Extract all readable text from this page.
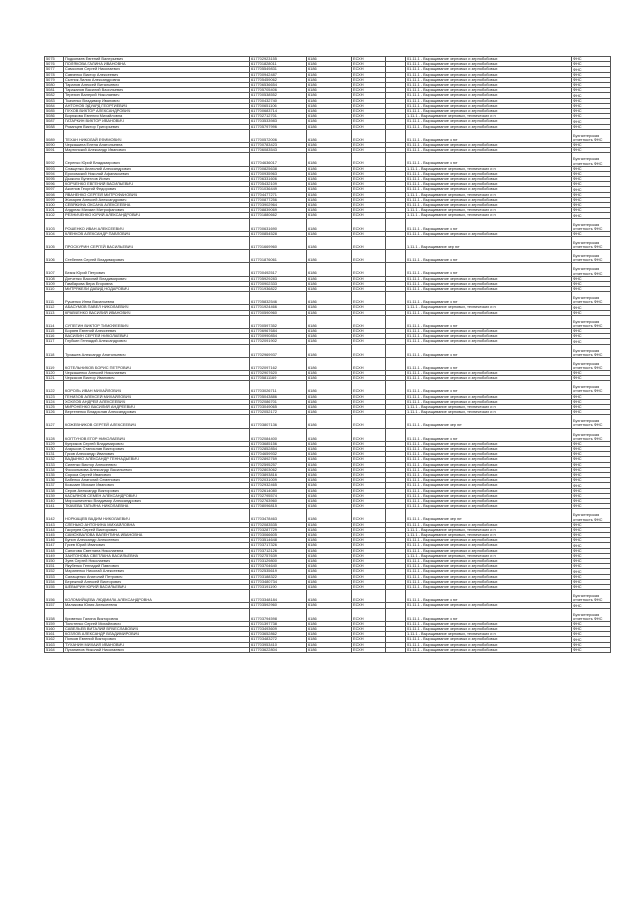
5075	Подкопаев Евгений Валерьевич	617702923155	6186	ЕСХН		01.11.1 - Выращивание зерновых и зернобобовых	ФНС
5076	ПОЛЯКОВА ГАЛИНА ИВАНОВНА	617701828011	6186	ЕСХН		01.11.1 - Выращивание зерновых и зернобобовых	ФНС
5077	Самсонов Сергей Николаевич	617705549831	6186	ЕСХН		01.11.1 - Выращивание зерновых и зернобобовых	ФНС
5078	Савченко Виктор Алексеевич	617700942487	6186	ЕСХН		01.11.1 - Выращивание зерновых и зернобобовых	ФНС
5079	Сытник Лилия Александровна	617705459062	6186	ЕСХН		01.11.1 - Выращивание зерновых и зернобобовых	ФНС
5080	Таранов Алексей Витальевич	617706536654	6186	ЕСХН		01.11.1 - Выращивание зерновых и зернобобовых	ФНС
5081	Тараканов Василий Васильевич	617705705406	6186	ЕСХН		01.11.1 - Выращивание зерновых и зернобобовых	ФНС
5082	Терехин Валерий Николаевич	617700538552	6186	ЕСХН		01.11.1 - Выращивание зерновых и зернобобовых	ФНС
5083	Ткаченко Владимир Иванович	617700432740	6186	ЕСХН		01.11.1 - Выращивание зерновых и зернобобовых	ФНС
5084	АНТОНОВ ЭДУАРД ГЕОРГИЕВИЧ	617700651106	6186	ЕСХН		01.11.1 - Выращивание зерновых и зернобобовых	ФНС
5085	ПУХОВ ВИКТОР АЛЕКСАНДРОВИЧ	617700683714	6186	ЕСХН		01.11.1 - Выращивание зерновых и зернобобовых	ФНС
5086	Бирюкова Евгения Михайловна	617702712701	6186	ЕСХН		1.11.1 - Выращивание зерновых, технических и п	ФНС
5087	ГАТАРКИН ВИКТОР ИВАНОВИЧ	617703533983	6186	ЕСХН		01.11.1 - Выращивание зерновых и зернобобовых	ФНС
5088	Рязанцев Виктор Григорьевич	617705797996	6186	ЕСХН		01.11.1 - Выращивание зерновых и зернобобовых	ФНС
5089	ТЕХАН НИКОЛАЙ ЕФИМОВИЧ	617700572006	6186	ЕСХН		01.11.1 - Выращивание з ют	Бухгалтерская отчетность ФНС
5090	Черкашина Елена Анатольевна	617700783423	6186	ЕСХН		01.11.1 - Выращивание зерновых и зернобобовых	ФНС
5091	Мартинский Александр Иванович	617706083543	6186	ЕСХН		01.11.1 - Выращивание зерновых и зернобобовых	ФНС
5092	Серенко Юрий Владимирович	617704636017	6186	ЕСХН		01.11.1 - Выращивание з ют	Бухгалтерская отчетность ФНС
5093	Слащенко Анатолий Александрович	617700825638	6186	ЕСХН		1.11.1 - Выращивание зерновых, технических и п	ФНС
5094	Ерохомский Николай Афанасьевич	617700935963	6186	ЕСХН		01.11.1 - Выращивание зерновых и зернобобовых	ФНС
5095	Дьяконо Бунеглов Ионич	617706331606	6186	ЕСХН		01.11.1 - Выращивание зерновых и зернобобовых	ФНС
5096	КОРЧЕНКО ЕВГЕНИЙ ВАСИЛЬЕВИЧ	617705432109	6186	ЕСХН		01.11.1 - Выращивание зерновых и зернобобовых	ФНС
5097	Аксенов Георгий Федорович	617701036449	6186	ЕСХН		01.11.1 - Выращивание зерновых и зернобобовых	ФНС
5098	ЯВАНЕНКО СЕРГЕЙ МИТРОФАНОВИЧ	617704477271	6186	ЕСХН		1.11.1 - Выращивание зерновых, технических и п	ФНС
5099	Жихарев Алексей Александрович	617700877256	6186	ЕСХН		01.11.1 - Выращивание зерновых и зернобобовых	ФНС
5100	СЕВЯКИНА ОКСАНА АЛЕКСЕЕВНА	617703902964	6186	ЕСХН		01.11.1 - Выращивание зерновых и зернобобовых	ФНС
5101	Андреас Михаил Митрофанович	617708839069	6186	ЕСХН		1.11.1 - Выращивание зерновых, технических и п	ФНС
5102	РЕЗНИЧЕНКО ЮРИЙ АЛЕКСАНДРОВИЧ	617701880662	6186	ЕСХН		1.11.1 - Выращивание зерновых, технических и п	ФНС
5103	РОШЕНКО ИВАН АЛЕКСЕЕВИЧ	617700631690	6186	ЕСХН		01.11.1 - Выращивание з ют	Бухгалтерская отчетность ФНС
5104	КЛЕНКОВ АЛЕКСАНДР ПАВЛОВИЧ	617700854528	6186	ЕСХН		01.11.1 - Выращивание зерновых и зернобобовых	ФНС
5105	ПРОСКУРИН СЕРГЕЙ ВАСИЛЬЕВИЧ	617701669960	6186	ЕСХН		1.11.1 - Выращивание зер ют	Бухгалтерская отчетность ФНС
5106	Стебенев Сергей Владимирович	617701876061	6186	ЕСХН		01.11.1 - Выращивание з ют	Бухгалтерская отчетность ФНС
5107	Безик Юрий Петрович	617700492517	6186	ЕСХН		01.11.1 - Выращивание з ют	Бухгалтерская отчетность ФНС
5108	Дятченко Василий Владимирович	617705929283	6186	ЕСХН		01.11.1 - Выращивание зерновых и зернобобовых	ФНС
5109	Гамбарова Вера Егоровна	617700902333	6186	ЕСХН		01.11.1 - Выращивание зерновых и зернобобовых	ФНС
5110	МИТРЯКЕЛИ ДАВИД НОДАРОВИЧ	617701936822	6186	ЕСХН		01.11.1 - Выращивание зерновых и зернобобовых	ФНС
5111	Рушенко Инна Васильевна	617705832546	6186	ЕСХН		01.11.1 - Выращивание з ют	Бухгалтерская отчетность ФНС
5112	АБАСУМОВ ПАВЕЛ НИКОЛАЕВИЧ	617701924466	6186	ЕСХН		1.11.1 - Выращивание зерновых, технических и п	ФНС
5113	КРАВЧЕНКО ВАСИЛИЙ ИВАНОВИЧ	617700590960	6186	ЕСХН		01.11.1 - Выращивание зерновых и зернобобовых	ФНС
5114	СУПЕГИН ВИКТОР ТИМОФЕЕВИЧ	617700597352	6186	ЕСХН		01.11.1 - Выращивание з ют	Бухгалтерская отчетность ФНС
5115	Боряев Евгений Алексеевич	617706967684	6186	ЕСХН		01.11.1 - Выращивание зерновых и зернобобовых	ФНС
5116	ВАСИЛИН СЕРГЕЙ НИКОЛАЕВИЧ	617700990854	6186	ЕСХН		01.11.1 - Выращивание зерновых и зернобобовых	ФНС
5117	Глубкин Геннадий Александрович	617702091902	6186	ЕСХН		01.11.1 - Выращивание зерновых и зернобобовых	ФНС
5118	Тухашев Александр Анатольевич	617702969937	6186	ЕСХН		01.11.1 - Выращивание з ют	Бухгалтерская отчетность ФНС
5119	КОТЕЛЬНИКОВ БОРИС ПЕТРОВИЧ	617702097162	6186	ЕСХН		01.11.1 - Выращивание з ют	Бухгалтерская отчетность ФНС
5120	Черкашенко Алексей Николаевич	617702907620	6186	ЕСХН		01.11.1 - Выращивание зерновых и зернобобовых	ФНС
5121	Черкасов Виктор Иванович	617705811169	6186	ЕСХН		01.11.1 - Выращивание зерновых и зернобобовых	ФНС
5122	КОРОЛЬ ИВАН МИХАЙЛОВИЧ	617703026711	6186	ЕСХН		01.11.1 - Выращивание з ют	Бухгалтерская отчетность ФНС
5123	ГЕНИЗОВ АЛЕКСЕЙ МИХАЙЛОВИЧ	617705043886	6186	ЕСХН		01.11.1 - Выращивание зерновых и зернобобовых	ФНС
5124	ХОХЛОВ АНДРЕЙ АЛЕКСЕЕВИЧ	617702086701	6186	ЕСХН		01.11.1 - Выращивание зерновых и зернобобовых	ФНС
5125	МИРОНЕНКО ВАСИЛИЙ АНДРЕЕВИЧ	617703049065	6186	ЕСХН		1.11.1 - Выращивание зерновых, технических и п	ФНС
5126	Вертепенко Владислав Александрович	617702052172	6186	ЕСХН		1.11.1 - Выращивание зерновых, технических и п	ФНС
5127	КОЖЕВНИКОВ СЕРГЕЙ АЛЕКСЕЕВИЧ	617703807136	6186	ЕСХН		01.11.1 - Выращивание зер ют	Бухгалтерская отчетность ФНС
5128	КОПТУНОВ ЕГОР НИКОЛАЕВИЧ	617702084400	6186	ЕСХН		01.11.1 - Выращивание з ют	Бухгалтерская отчетность ФНС
5129	Куприков Сергей Владимирович	617703685156	6186	ЕСХН		01.11.1 - Выращивание зерновых и зернобобовых	ФНС
5130	Агарьсов Станислав Викторович	617702852854	6186	ЕСХН		01.11.1 - Выращивание зерновых и зернобобовых	ФНС
5131	Гусов Александр Иванович	617704659932	6186	ЕСХН		01.11.1 - Выращивание зерновых и зернобобовых	ФНС
5132	ВАДЫНКО АЛЕКСАНДР ГЕННАДЬЕВИЧ	617702892769	6186	ЕСХН		01.11.1 - Выращивание зерновых и зернобобовых	ФНС
5133	Силенко Виктор Алексеевич	617702595257	6186	ЕСХН		01.11.1 - Выращивание зерновых и зернобобовых	ФНС
5134	Фоскольвова Александр Васильевич	617702803062	6186	ЕСХН		01.11.1 - Выращивание зерновых и зернобобовых	ФНС
5135	Сорока Сергей Иванович	617703893816	6186	ЕСХН		01.11.1 - Выращивание зерновых и зернобобовых	ФНС
5136	Бабенко Анатолий Семенович	617702031009	6186	ЕСХН		01.11.1 - Выращивание зерновых и зернобобовых	ФНС
5137	Козьмин Михаил Иванович	617702932465	6186	ЕСХН		01.11.1 - Выращивание зерновых и зернобобовых	ФНС
5138	Серов Александр Викторович	617702614080	6186	ЕСХН		01.11.1 - Выращивание зерновых и зернобобовых	ФНС
5139	КАСЬЯНОВ СЕМЕН АЛЕКСАНДРОВИЧ	617702795574	6186	ЕСХН		01.11.1 - Выращивание зерновых и зернобобовых	ФНС
5140	Мирошниченко Владимир Александрович	617702763960	6186	ЕСХН		01.11.1 - Выращивание зерновых и зернобобовых	ФНС
5141	ТКАЧЕВА ТАТЬЯНА НИКОЛАЕВНА	617708096815	6186	ЕСХН		01.11.1 - Выращивание зерновых и зернобобовых	ФНС
5142	НОРКАЩЕВ ВАДИМ НИКОЛАЕВИЧ	617703478463	6186	ЕСХН		01.11.1 - Выращивание зер ют	Бухгалтерская отчетность ФНС
5143	СЛЕНЬКО АНТОНИНА МИХАЙЛОВНА	617702083535	6186	ЕСХН		01.11.1 - Выращивание зерновых и зернобобовых	ФНС
5144	Гасулуев Сергей Викторович	617703287729	6186	ЕСХН		1.11.1 - Выращивание зерновых, технических и п	ФНС
5145	САМОХВАЛОВА ВАЛЕНТИНА ИВАНОВНА	617703066605	6186	ЕСХН		1.11.1 - Выращивание зерновых, технических и п	ФНС
5146	Бунин Александр Алексеевич	617703514648	6186	ЕСХН		01.11.1 - Выращивание зерновых и зернобобовых	ФНС
5147	Гусев Юрий Иванович	617703717326	6186	ЕСХН		01.11.1 - Выращивание зерновых и зернобобовых	ФНС
5148	Сапогова Светлана Николаевна	617703712126	6186	ЕСХН		01.11.1 - Выращивание зерновых и зернобобовых	ФНС
5149	ЗАИТОНОВА СВЕТЛАНА ВАСИЛЬЕВНА	617702757639	6186	ЕСХН		1.11.1 - Выращивание зерновых, технических и п	ФНС
5150	Зуев Сергей Николаевич	617703129800	6186	ЕСХН		01.11.1 - Выращивание зерновых и зернобобовых	ФНС
5151	Якубенко Геннадий Павлович	617703704640	6186	ЕСХН		01.11.1 - Выращивание зерновых и зернобобовых	ФНС
5152	Мараненко Николай Алексеевич	617702535619	6186	ЕСХН		01.11.1 - Выращивание зерновых и зернобобовых	ФНС
5153	Салащенко Анатолий Петрович	617703188322	6186	ЕСХН		01.11.1 - Выращивание зерновых и зернобобовых	ФНС
5154	Бережной Алексей Викторович	617703480734	6186	ЕСХН		01.11.1 - Выращивание зерновых и зернобобовых	ФНС
5155	ШЕВЫРИН ЮРИЙ ВАСИЛЬЕВИЧ	617703191190	6186	ЕСХН		01.11.1 - Выращивание зерновых и зернобобовых	ФНС
5156	КОЛОМИЙЦЕВА ЛЮДМИЛА АЛЕКСАНДРОВНА	617703348184	6186	ЕСХН		01.11.1 - Выращивание з ют	Бухгалтерская отчетность ФНС
5157	Маликова Юлия Алексеевна	617703592960	6186	ЕСХН		01.11.1 - Выращивание зерновых и зернобобовых	ФНС
5158	Кривенко Галина Викторовна	617703794598	6186	ЕСХН		01.11.1 - Выращивание з ют	Бухгалтерская отчетность ФНС
5159	Толстенко Сергей Михайлович	617701397738	6186	ЕСХН		01.11.1 - Выращивание зерновых и зернобобовых	ФНС
5160	САВЕЛЬЕВ ВИТАЛИЙ ВЯЧЕСЛАВОВИЧ	617703493609	6186	ЕСХН		01.11.1 - Выращивание зерновых и зернобобовых	ФНС
5161	КОЗЛОВ АЛЕКСАНДР ВЛАДИМИРОВИЧ	617703652862	6186	ЕСХН		1.11.1 - Выращивание зерновых, технических и п	ФНС
5162	Попков Евгений Викторович	617703483272	6186	ЕСХН		01.11.1 - Выращивание зерновых и зернобобовых	ФНС
5163	ТУХАНИН МИХАИЛ ИВАНОВИЧ	617703953410	6186	ЕСХН		01.11.1 - Выращивание зерновых и зернобобовых	ФНС
5164	Пуханинов Николай Николаевич	617703622804	6186	ЕСХН		01.11.1 - Выращивание зерновых и зернобобовых	ФНС
